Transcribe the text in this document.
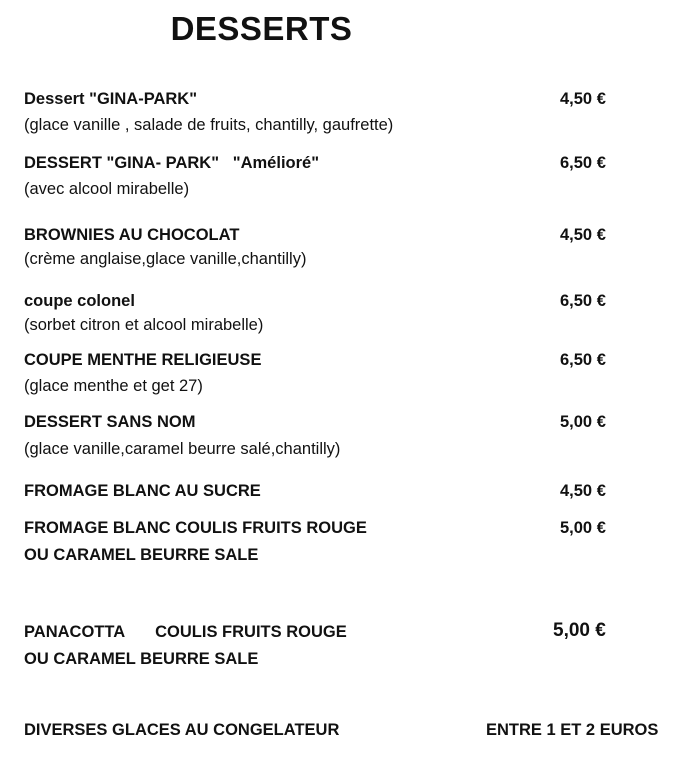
DESSERTS
Dessert "GINA-PARK"	4,50 €
(glace vanille , salade de fruits, chantilly, gaufrette)
DESSERT "GINA- PARK"   "Amélioré"	6,50 €
(avec alcool mirabelle)
BROWNIES AU CHOCOLAT	4,50 €
(crème anglaise,glace vanille,chantilly)
coupe colonel	6,50 €
(sorbet citron et alcool mirabelle)
COUPE MENTHE RELIGIEUSE	6,50 €
(glace menthe et get 27)
DESSERT SANS NOM	5,00 €
(glace vanille,caramel beurre salé,chantilly)
FROMAGE BLANC AU SUCRE	4,50 €
FROMAGE BLANC COULIS FRUITS ROUGE	5,00 €
OU CARAMEL BEURRE SALE
PANACOTTA COULIS FRUITS ROUGE	5,00 €
OU CARAMEL BEURRE SALE
DIVERSES GLACES AU CONGELATEUR	ENTRE 1 ET 2 EUROS
